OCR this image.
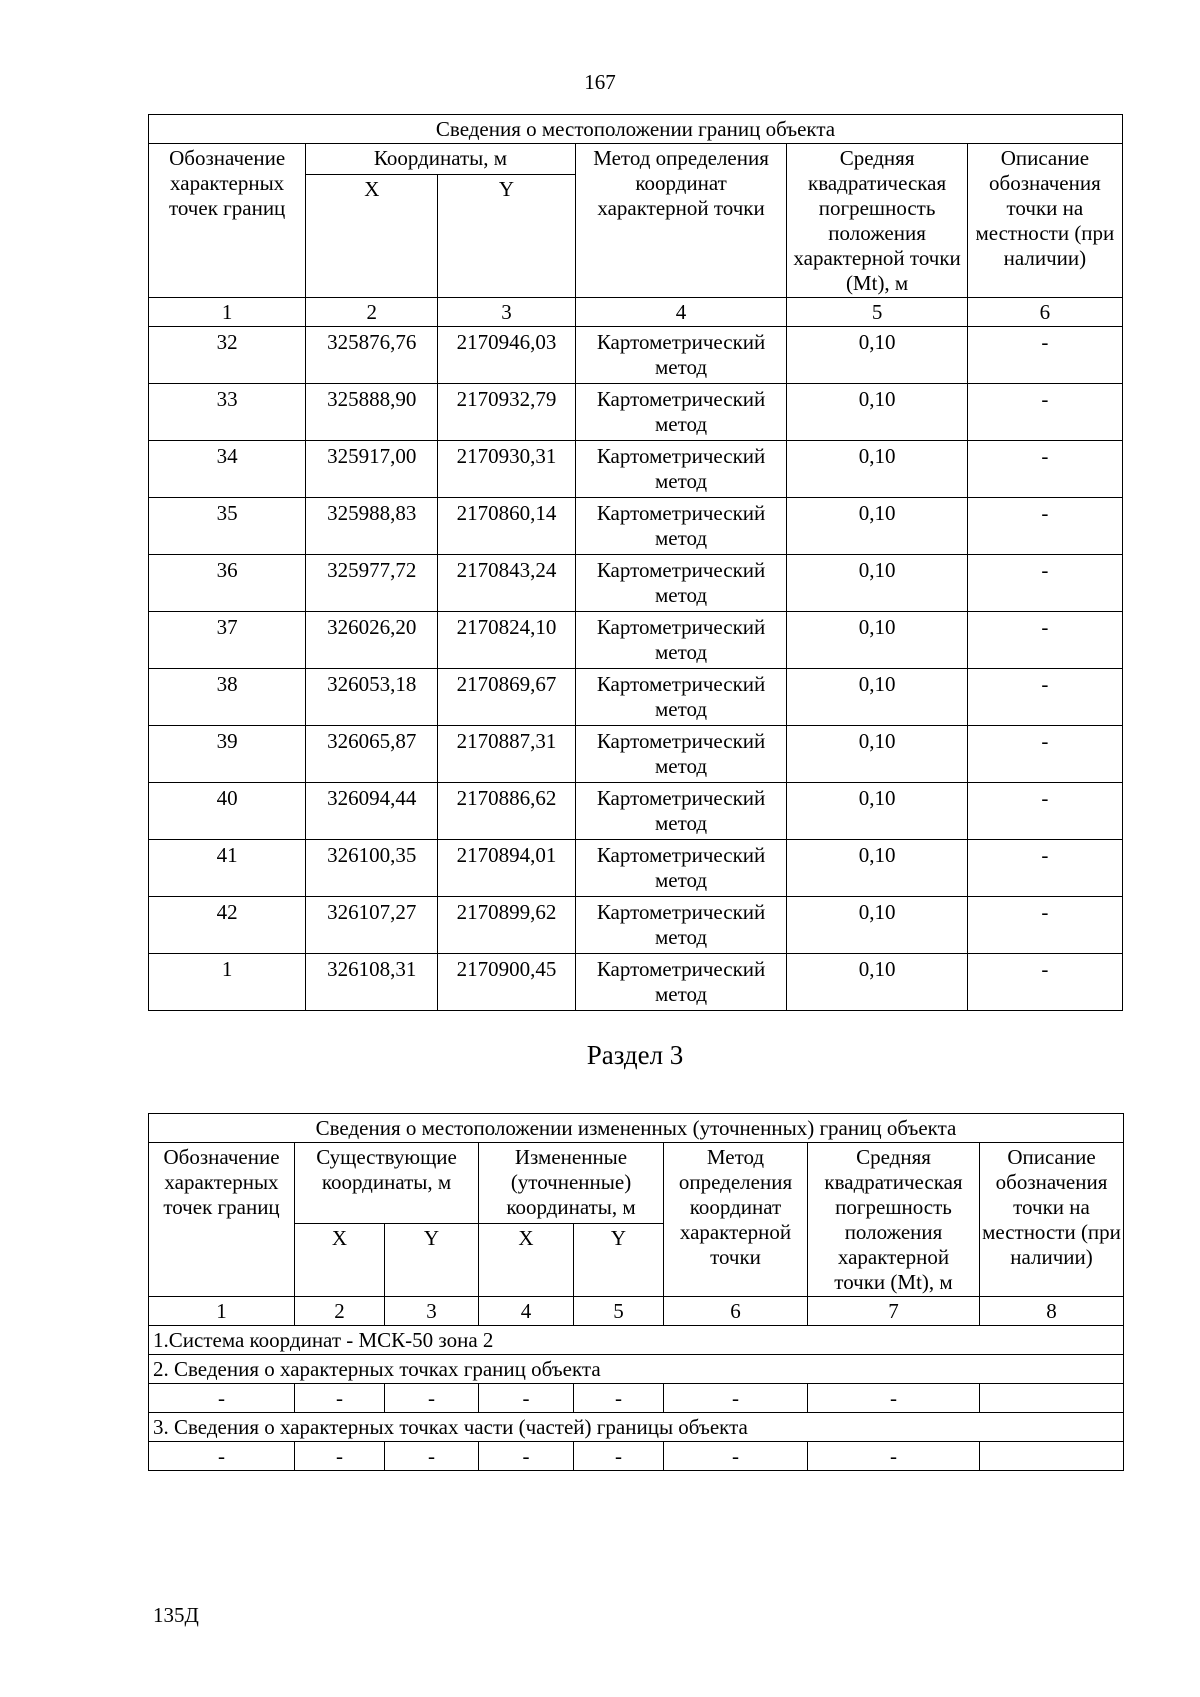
167
Сведения о местоположении границ объекта					
Обозначение характерных точек границ	Координаты, м		Метод определения координат характерной точки	Средняя квадратическая погрешность положения характерной точки (Mt), м	Описание обозначения точки на местности (при наличии)
	X	Y			
1	2	3	4	5	6
32	325876,76	2170946,03	Картометрический метод	0,10	-
33	325888,90	2170932,79	Картометрический метод	0,10	-
34	325917,00	2170930,31	Картометрический метод	0,10	-
35	325988,83	2170860,14	Картометрический метод	0,10	-
36	325977,72	2170843,24	Картометрический метод	0,10	-
37	326026,20	2170824,10	Картометрический метод	0,10	-
38	326053,18	2170869,67	Картометрический метод	0,10	-
39	326065,87	2170887,31	Картометрический метод	0,10	-
40	326094,44	2170886,62	Картометрический метод	0,10	-
41	326100,35	2170894,01	Картометрический метод	0,10	-
42	326107,27	2170899,62	Картометрический метод	0,10	-
1	326108,31	2170900,45	Картометрический метод	0,10	-
Раздел 3
Сведения о местоположении измененных (уточненных) границ объекта							
Обозначение характерных точек границ	Существующие координаты, м		Измененные (уточненные) координаты, м		Метод определения координат характерной точки	Средняя квадратическая погрешность положения характерной точки (Mt), м	Описание обозначения точки на местности (при наличии)
	X	Y	X	Y			
1	2	3	4	5	6	7	8
1.Система координат - МСК-50 зона 2							
2. Сведения о характерных точках границ объекта							
-	-	-	-	-	-	-	
3. Сведения о характерных точках части (частей) границы объекта							
-	-	-	-	-	-	-	
135Д
